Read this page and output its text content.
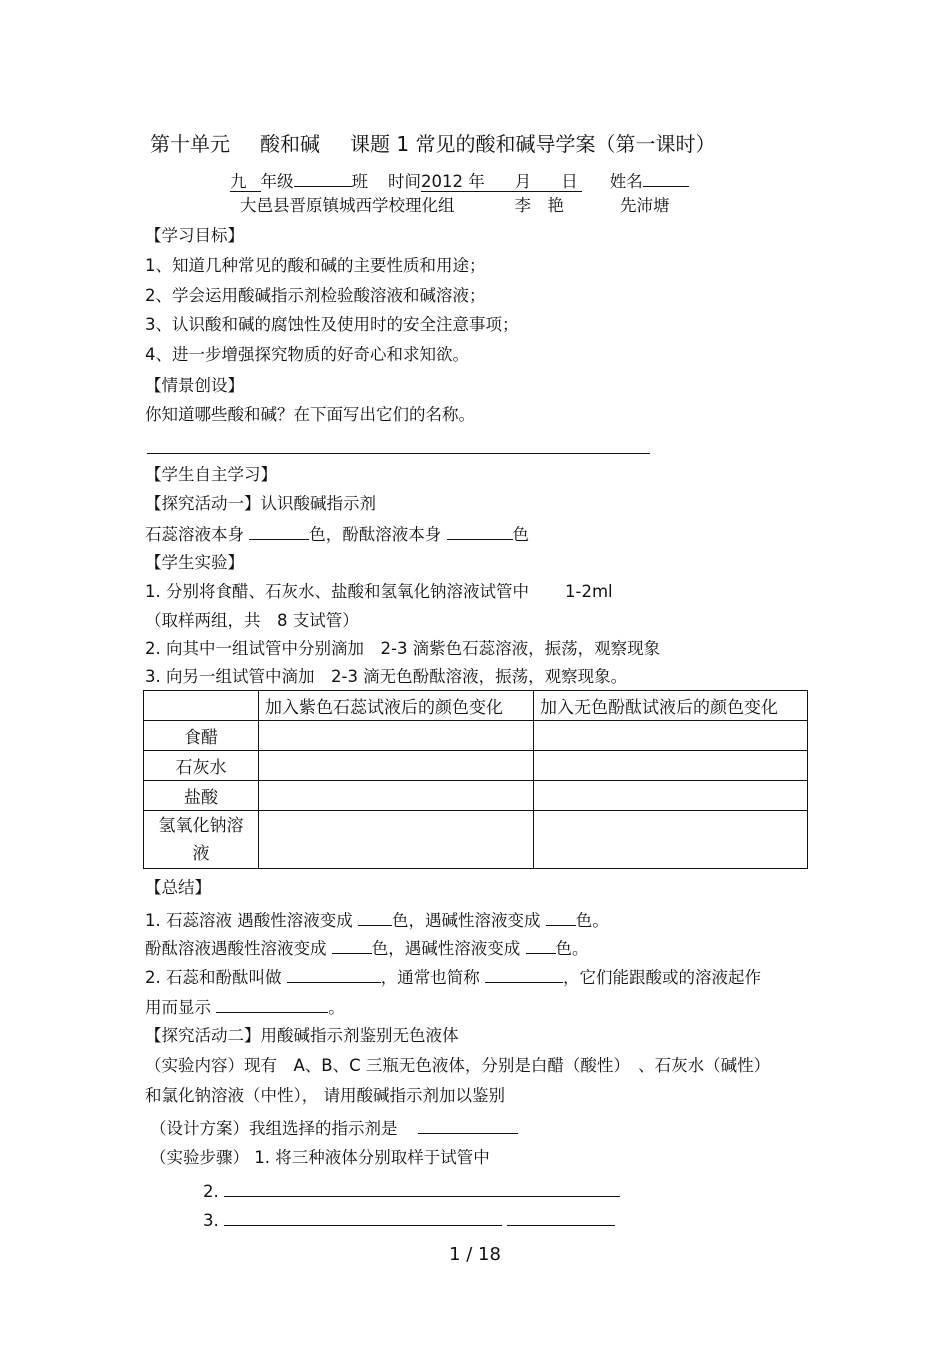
第十单元 酸和碱 课题 1 常见的酸和碱导学案（第一课时）
九 年级	班 时间2012 年 月 日 姓名
大邑县晋原镇城西学校理化组	李　艳	先沛塘
【学习目标】
1、知道几种常见的酸和碱的主要性质和用途；
2、学会运用酸碱指示剂检验酸溶液和碱溶液；
3、认识酸和碱的腐蚀性及使用时的安全注意事项；
4、进一步增强探究物质的好奇心和求知欲。
【情景创设】
你知道哪些酸和碱？在下面写出它们的名称。
【学生自主学习】
【探究活动一】认识酸碱指示剂
石蕊溶液本身	色，酚酞溶液本身	色
【学生实验】
1. 分别将食醋、石灰水、盐酸和氢氧化钠溶液试管中 1-2ml
（取样两组，共　8 支试管）
2. 向其中一组试管中分别滴加　2-3 滴紫色石蕊溶液，振荡，观察现象
3. 向另一组试管中滴加　2-3 滴无色酚酞溶液，振荡，观察现象。
	加入紫色石蕊试液后的颜色变化	加入无色酚酞试液后的颜色变化
食醋		
石灰水		
盐酸		
氢氧化钠溶
液		
【总结】
1. 石蕊溶液 遇酸性溶液变成 色，遇碱性溶液变成 色。
酚酞溶液遇酸性溶液变成	色，遇碱性溶液变成 色。
2. 石蕊和酚酞叫做	，通常也简称	，它们能跟酸或的溶液起作
用而显示	。
【探究活动二】用酸碱指示剂鉴别无色液体
（实验内容）现有　A、B、C 三瓶无色液体，分别是白醋（酸性）　、石灰水（碱性）
和氯化钠溶液（中性）， 请用酸碱指示剂加以鉴别
（设计方案）我组选择的指示剂是
（实验步骤） 1. 将三种液体分别取样于试管中
2.
3.
1 / 18
